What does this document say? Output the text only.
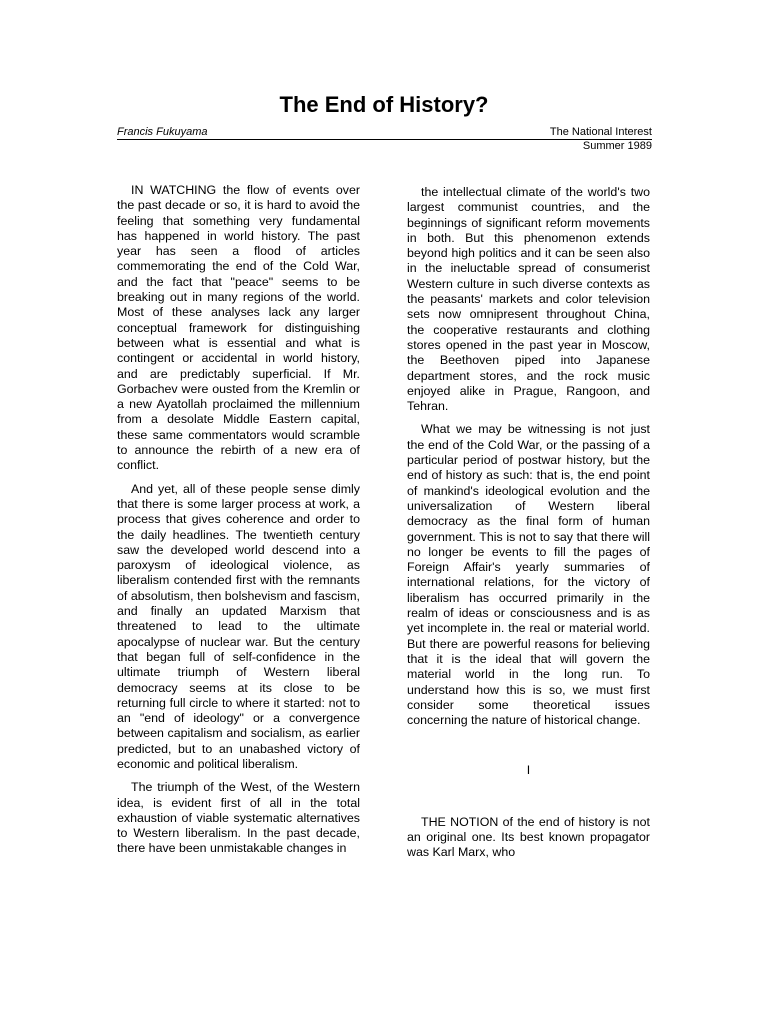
The End of History?
Francis Fukuyama	The National Interest
Summer 1989

IN WATCHING the flow of events over the past decade or so, it is hard to avoid the feeling that something very fundamental has happened in world history. The past year has seen a flood of articles commemorating the end of the Cold War, and the fact that "peace" seems to be breaking out in many regions of the world. Most of these analyses lack any larger conceptual framework for distinguishing between what is essential and what is contingent or accidental in world history, and are predictably superficial. If Mr. Gorbachev were ousted from the Kremlin or a new Ayatollah proclaimed the millennium from a desolate Middle Eastern capital, these same commentators would scramble to announce the rebirth of a new era of conflict.

And yet, all of these people sense dimly that there is some larger process at work, a process that gives coherence and order to the daily headlines. The twentieth century saw the developed world descend into a paroxysm of ideological violence, as liberalism contended first with the remnants of absolutism, then bolshevism and fascism, and finally an updated Marxism that threatened to lead to the ultimate apocalypse of nuclear war. But the century that began full of self-confidence in the ultimate triumph of Western liberal democracy seems at its close to be returning full circle to where it started: not to an "end of ideology" or a convergence between capitalism and socialism, as earlier predicted, but to an unabashed victory of economic and political liberalism.

The triumph of the West, of the Western idea, is evident first of all in the total exhaustion of viable systematic alternatives to Western liberalism. In the past decade, there have been unmistakable changes in

the intellectual climate of the world's two largest communist countries, and the beginnings of significant reform movements in both. But this phenomenon extends beyond high politics and it can be seen also in the ineluctable spread of consumerist Western culture in such diverse contexts as the peasants' markets and color television sets now omnipresent throughout China, the cooperative restaurants and clothing stores opened in the past year in Moscow, the Beethoven piped into Japanese department stores, and the rock music enjoyed alike in Prague, Rangoon, and Tehran.

What we may be witnessing is not just the end of the Cold War, or the passing of a particular period of postwar history, but the end of history as such: that is, the end point of mankind's ideological evolution and the universalization of Western liberal democracy as the final form of human government. This is not to say that there will no longer be events to fill the pages of Foreign Affair's yearly summaries of international relations, for the victory of liberalism has occurred primarily in the realm of ideas or consciousness and is as yet incomplete in. the real or material world. But there are powerful reasons for believing that it is the ideal that will govern the material world in the long run. To understand how this is so, we must first consider some theoretical issues concerning the nature of historical change.

I

THE NOTION of the end of history is not an original one. Its best known propagator was Karl Marx, who
